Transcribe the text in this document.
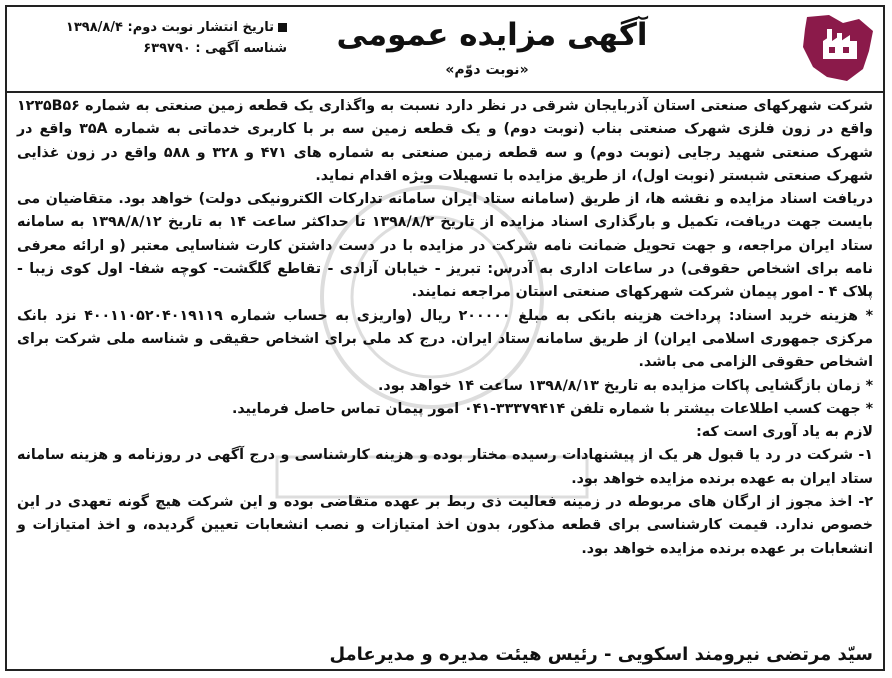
تاریخ انتشار نوبت دوم: ۱۳۹۸/۸/۴
شناسه آگهی : ۶۳۹۷۹۰	آگهی مزایده عمومی
«نوبت دوّم»

شرکت شهرکهای صنعتی استان آذربایجان شرقی در نظر دارد نسبت به واگذاری یک قطعه زمین صنعتی به شماره ۱۲۳۵B۵۶ واقع در زون فلزی شهرک صنعتی بناب (نوبت دوم) و یک قطعه زمین سه بر با کاربری خدماتی به شماره ۳۵A واقع در شهرک صنعتی شهید رجایی (نوبت دوم) و سه قطعه زمین صنعتی به شماره های ۴۷۱ و ۳۲۸ و ۵۸۸ واقع در زون غذایی شهرک صنعتی شبستر (نوبت اول)، از طریق مزایده با تسهیلات ویژه اقدام نماید.

دریافت اسناد مزایده و نقشه ها، از طریق (سامانه ستاد ایران سامانه تدارکات الکترونیکی دولت) خواهد بود. متقاضیان می بایست جهت دریافت، تکمیل و بارگذاری اسناد مزایده از تاریخ ۱۳۹۸/۸/۲ تا حداکثر ساعت ۱۴ به تاریخ ۱۳۹۸/۸/۱۲ به سامانه ستاد ایران مراجعه، و جهت تحویل ضمانت نامه شرکت در مزایده با در دست داشتن کارت شناسایی معتبر (و ارائه معرفی نامه برای اشخاص حقوقی) در ساعات اداری به آدرس: تبریز - خیابان آزادی - تقاطع گلگشت- کوچه شفا- اول کوی زیبا - پلاک ۴ - امور پیمان شرکت شهرکهای صنعتی استان مراجعه نمایند.

* هزینه خرید اسناد: پرداخت هزینه بانکی به مبلغ ۲۰۰۰۰۰ ریال (واریزی به حساب شماره ۴۰۰۱۱۰۵۲۰۴۰۱۹۱۱۹ نزد بانک مرکزی جمهوری اسلامی ایران) از طریق سامانه ستاد ایران. درج کد ملی برای اشخاص حقیقی و شناسه ملی شرکت برای اشخاص حقوقی الزامی می باشد.

* زمان بازگشایی پاکات مزایده به تاریخ ۱۳۹۸/۸/۱۳ ساعت ۱۴ خواهد بود.

* جهت کسب اطلاعات بیشتر با شماره تلفن ۳۳۳۷۹۴۱۴-۰۴۱ امور پیمان تماس حاصل فرمایید.

لازم به یاد آوری است که:

۱- شرکت در رد یا قبول هر یک از پیشنهادات رسیده مختار بوده و هزینه کارشناسی و درج آگهی در روزنامه و هزینه سامانه ستاد ایران به عهده برنده مزایده خواهد بود.

۲- اخذ مجوز از ارگان های مربوطه در زمینه فعالیت ذی ربط بر عهده متقاضی بوده و این شرکت هیچ گونه تعهدی در این خصوص ندارد. قیمت کارشناسی برای قطعه مذکور، بدون اخذ امتیازات و نصب انشعابات تعیین گردیده، و اخذ امتیازات و انشعابات بر عهده برنده مزایده خواهد بود.

سیّد مرتضی نیرومند اسکویی - رئیس هیئت مدیره و مدیرعامل
